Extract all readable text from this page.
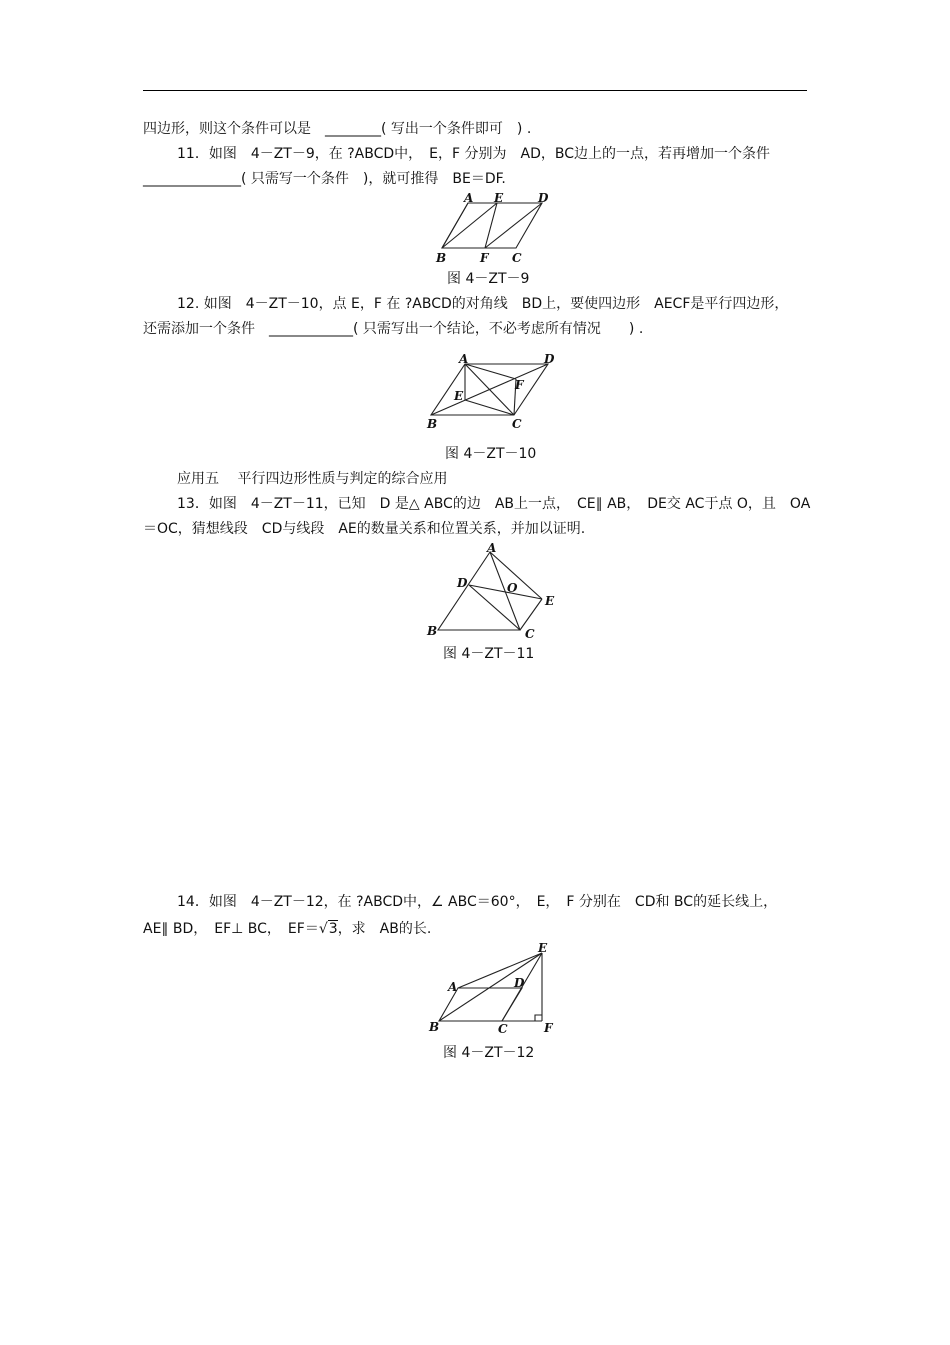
四边形，则这个条件可以是　________( 写出一个条件即可　) .
11．如图　4－ZT－9，在 ?ABCD中，　E，F 分别为　AD，BC边上的一点，若再增加一个条件
______________( 只需写一个条件　)，就可推得　BE＝DF.
A E	D
B	F C
图 4－ZT－9
12. 如图　4－ZT－10，点 E，F 在 ?ABCD的对角线　BD上，要使四边形　AECF是平行四边形，
还需添加一个条件　____________( 只需写出一个结论，不必考虑所有情况　　) .
A	D
F
E
B	C
图 4－ZT－10
应用五　 平行四边形性质与判定的综合应用
13．如图　4－ZT－11，已知　D 是△ ABC的边　AB上一点，　CE∥ AB，　DE交 AC于点 O，且　OA
＝OC，猜想线段　CD与线段　AE的数量关系和位置关系，并加以证明.
A
D	O
E
B	C
图 4－ZT－11
14．如图　4－ZT－12，在 ?ABCD中，∠ ABC＝60°，　E，　F 分别在　CD和 BC的延长线上，
AE∥ BD，　EF⊥ BC，　EF＝√3，求　AB的长.
E
A	D
B	C	F
图 4－ZT－12
